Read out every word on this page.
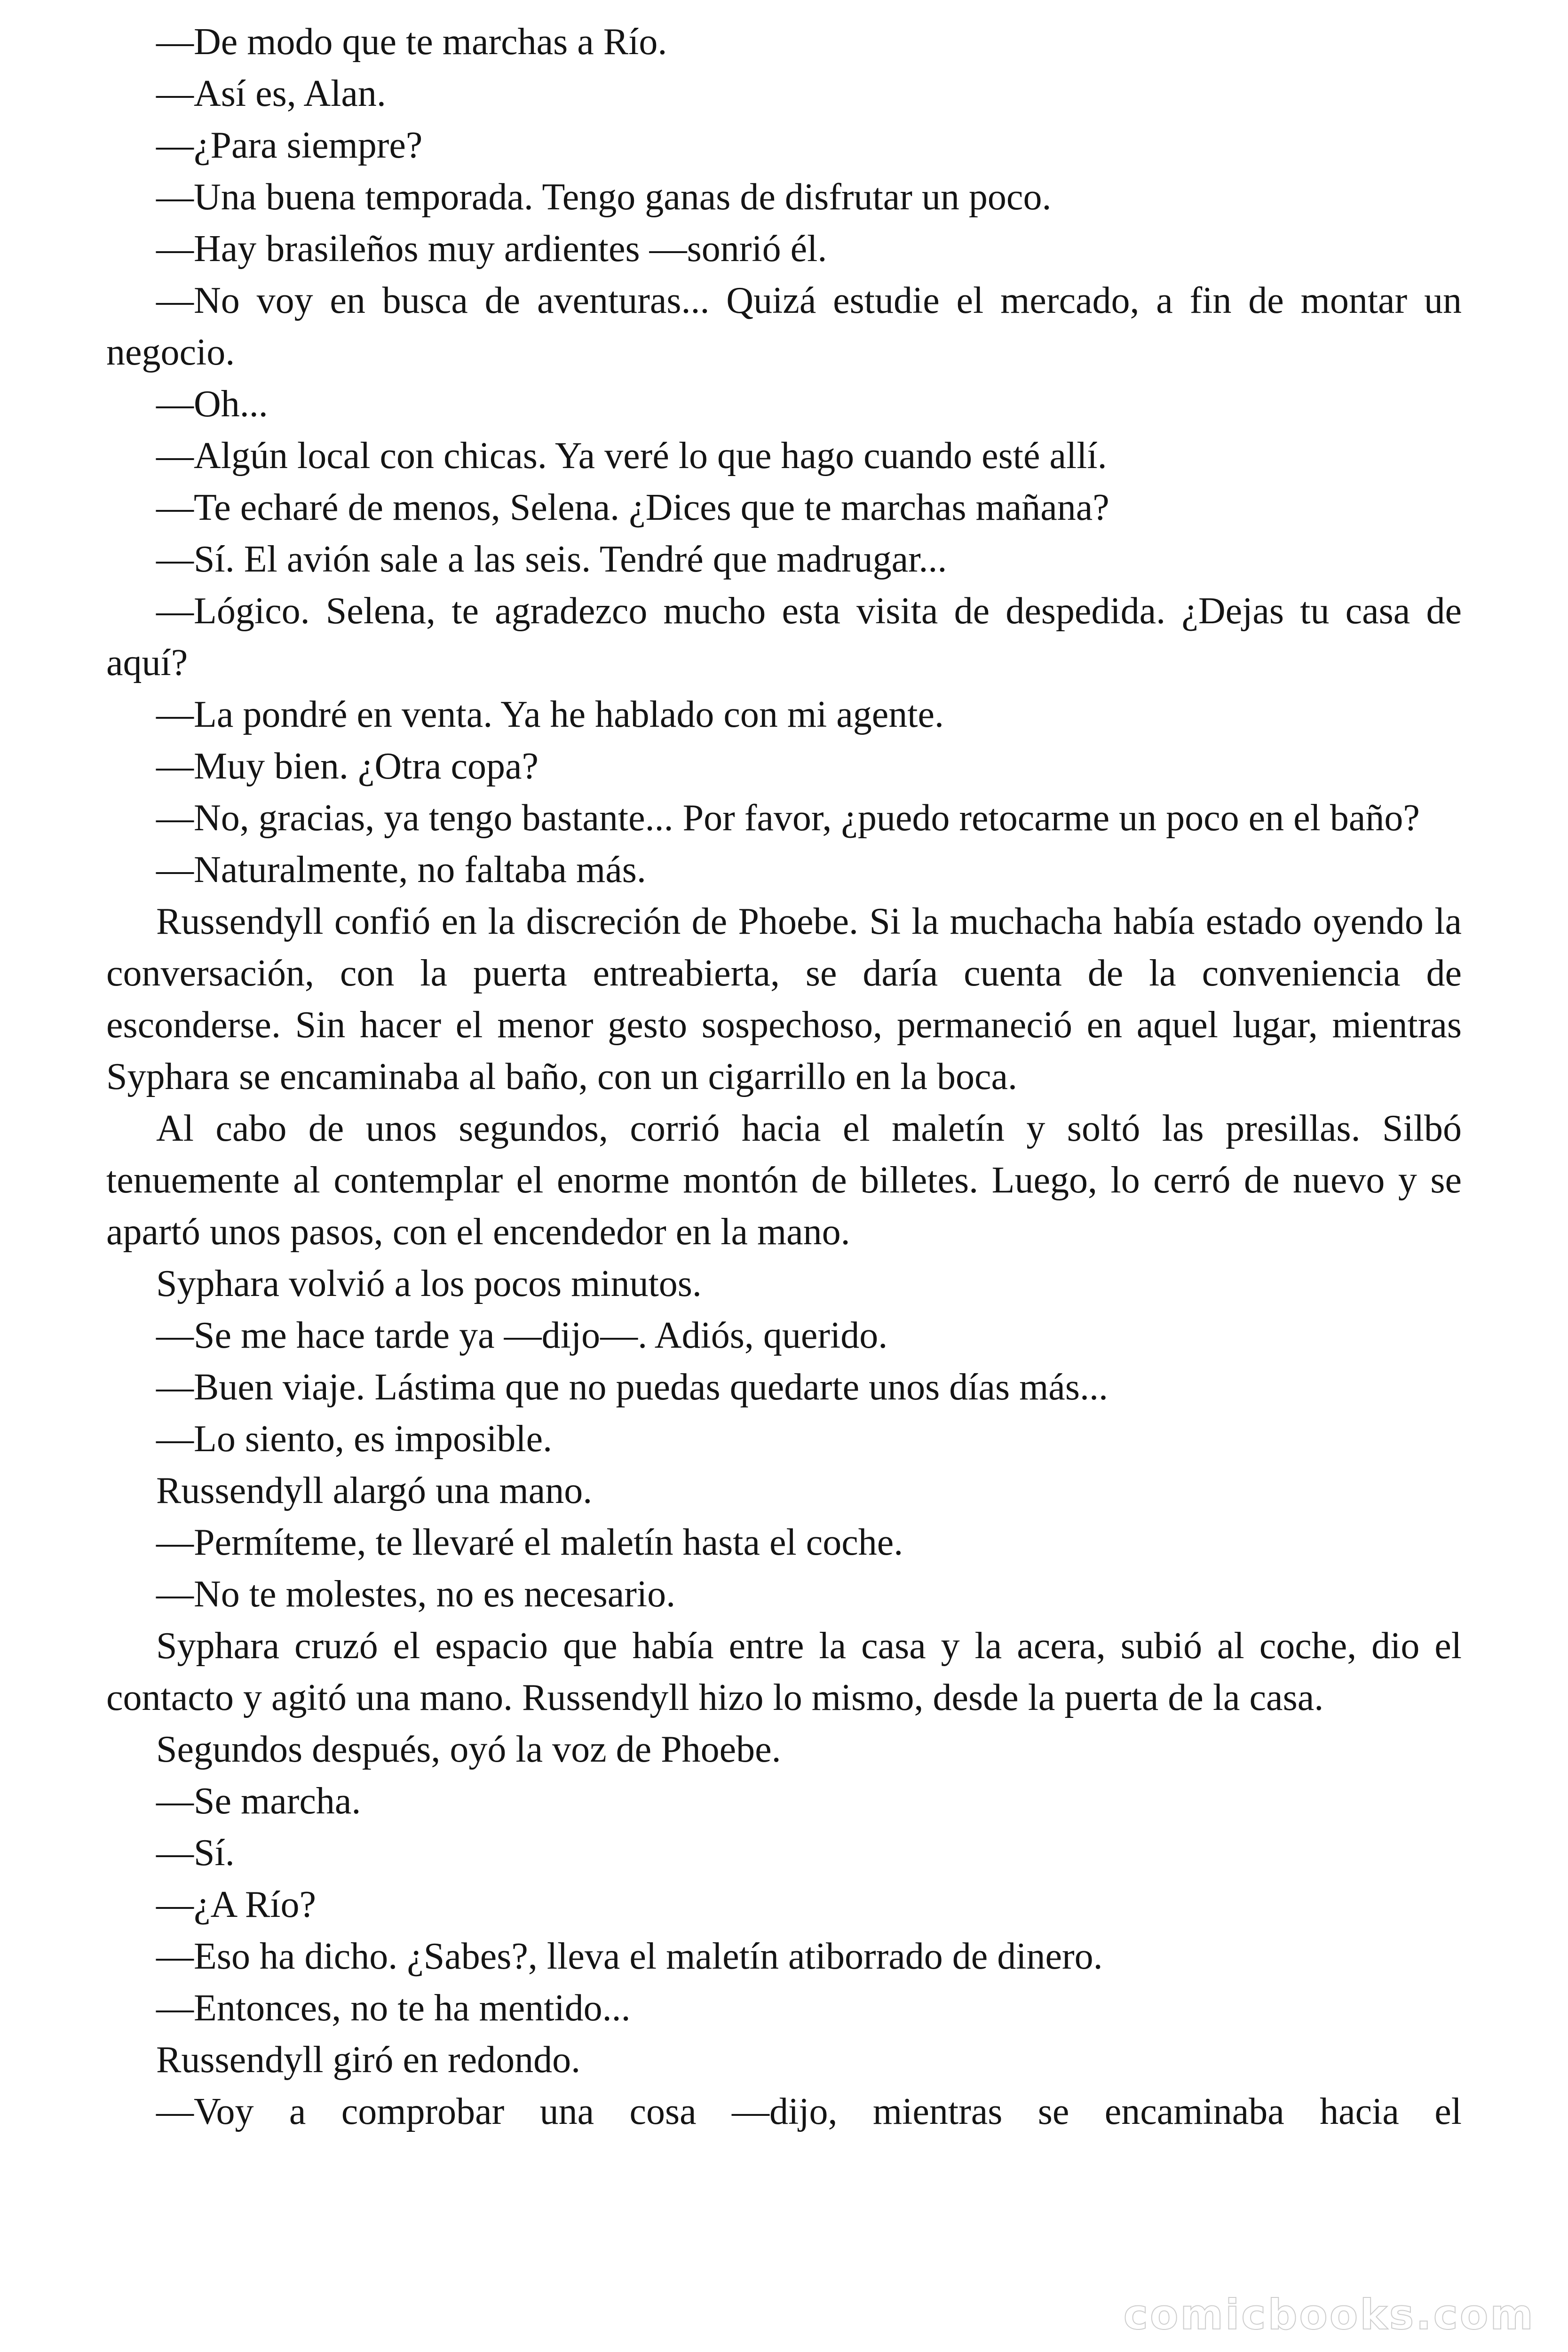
—De modo que te marchas a Río.

—Así es, Alan.

—¿Para siempre?

—Una buena temporada. Tengo ganas de disfrutar un poco.

—Hay brasileños muy ardientes —sonrió él.

—No voy en busca de aventuras... Quizá estudie el mercado, a fin de montar un negocio.

—Oh...

—Algún local con chicas. Ya veré lo que hago cuando esté allí.

—Te echaré de menos, Selena. ¿Dices que te marchas mañana?

—Sí. El avión sale a las seis. Tendré que madrugar...

—Lógico. Selena, te agradezco mucho esta visita de despedida. ¿Dejas tu casa de aquí?

—La pondré en venta. Ya he hablado con mi agente.

—Muy bien. ¿Otra copa?

—No, gracias, ya tengo bastante... Por favor, ¿puedo retocarme un poco en el baño?

—Naturalmente, no faltaba más.

Russendyll confió en la discreción de Phoebe. Si la muchacha había estado oyendo la conversación, con la puerta entreabierta, se daría cuenta de la conveniencia de esconderse. Sin hacer el menor gesto sospechoso, permaneció en aquel lugar, mientras Syphara se encaminaba al baño, con un cigarrillo en la boca.

Al cabo de unos segundos, corrió hacia el maletín y soltó las presillas. Silbó tenuemente al contemplar el enorme montón de billetes. Luego, lo cerró de nuevo y se apartó unos pasos, con el encendedor en la mano.

Syphara volvió a los pocos minutos.

—Se me hace tarde ya —dijo—. Adiós, querido.

—Buen viaje. Lástima que no puedas quedarte unos días más...

—Lo siento, es imposible.

Russendyll alargó una mano.

—Permíteme, te llevaré el maletín hasta el coche.

—No te molestes, no es necesario.

Syphara cruzó el espacio que había entre la casa y la acera, subió al coche, dio el contacto y agitó una mano. Russendyll hizo lo mismo, desde la puerta de la casa.

Segundos después, oyó la voz de Phoebe.

—Se marcha.

—Sí.

—¿A Río?

—Eso ha dicho. ¿Sabes?, lleva el maletín atiborrado de dinero.

—Entonces, no te ha mentido...

Russendyll giró en redondo.

—Voy a comprobar una cosa —dijo, mientras se encaminaba hacia el

comicbooks.com
